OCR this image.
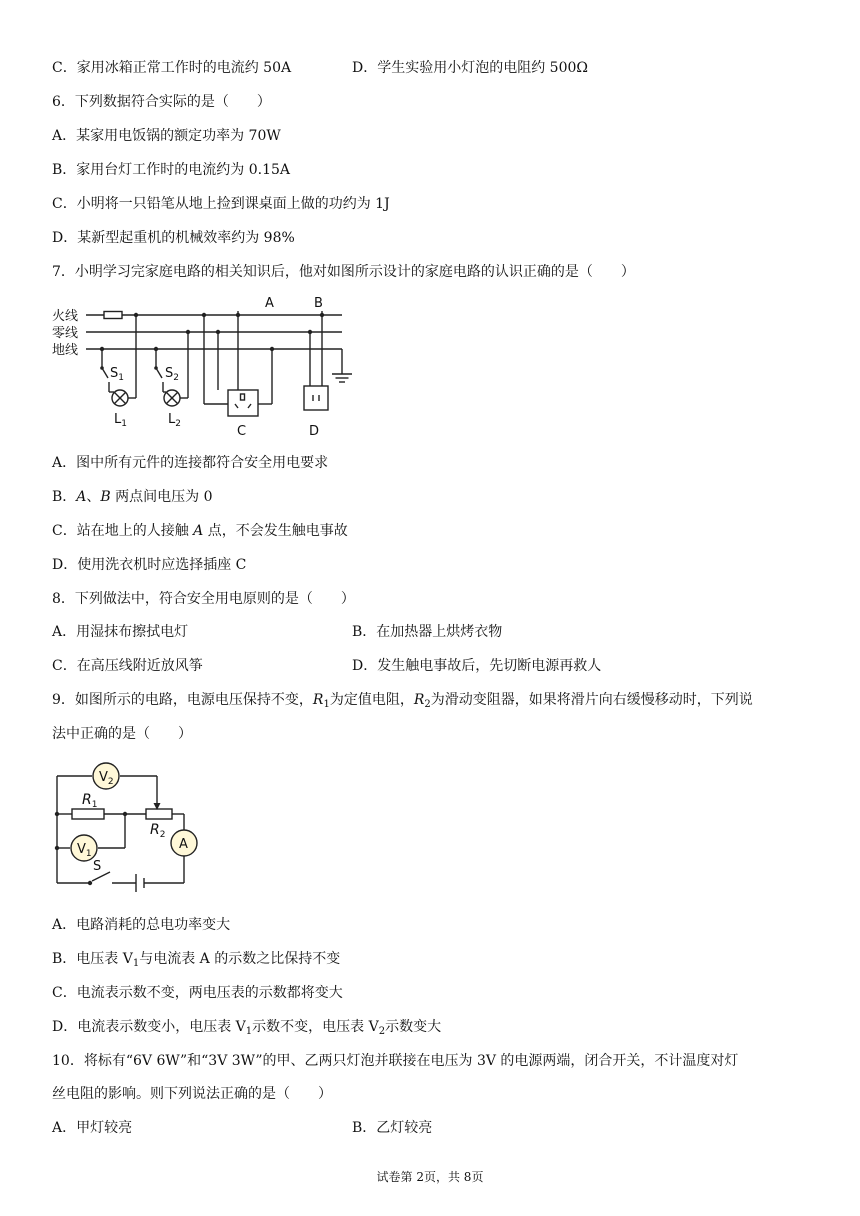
C．家用冰箱正常工作时的电流约 50A	D．学生实验用小灯泡的电阻约 500Ω
6．下列数据符合实际的是（　　）
A．某家用电饭锅的额定功率为 70W
B．家用台灯工作时的电流约为 0.15A
C．小明将一只铅笔从地上捡到课桌面上做的功约为 1J
D．某新型起重机的机械效率约为 98%
7．小明学习完家庭电路的相关知识后，他对如图所示设计的家庭电路的认识正确的是（　　）
火线
零线
地线
A	B
$S_1$	$S_2$
$L_1$	$L_2$	C	D
A．图中所有元件的连接都符合安全用电要求
B．A、B 两点间电压为 0
C．站在地上的人接触 A 点，不会发生触电事故
D．使用洗衣机时应选择插座 C
8．下列做法中，符合安全用电原则的是（　　）
A．用湿抹布擦拭电灯	B．在加热器上烘烤衣物
C．在高压线附近放风筝	D．发生触电事故后，先切断电源再救人
9．如图所示的电路，电源电压保持不变，$R_1$为定值电阻，$R_2$为滑动变阻器，如果将滑片向右缓慢移动时，下列说
法中正确的是（　　）
$V_2$
$V_1$
A
$R_1$
$R_2$
S
A．电路消耗的总电功率变大
B．电压表 $V_1$与电流表 A 的示数之比保持不变
C．电流表示数不变，两电压表的示数都将变大
D．电流表示数变小，电压表 $V_1$示数不变，电压表 $V_2$示数变大
10．将标有“6V 6W”和“3V 3W”的甲、乙两只灯泡并联接在电压为 3V 的电源两端，闭合开关，不计温度对灯
丝电阻的影响。则下列说法正确的是（　　）
A．甲灯较亮	B．乙灯较亮
试卷第 2页，共 8页
